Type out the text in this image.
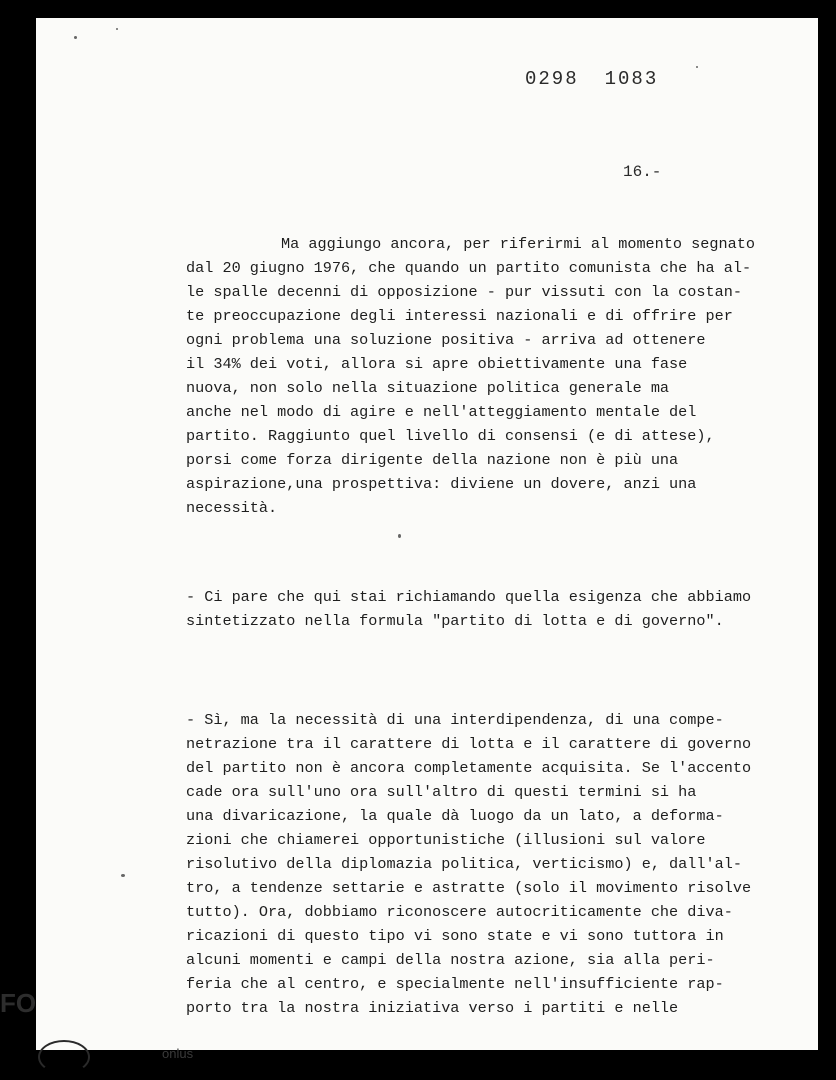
0298 1083
16.-
Ma aggiungo ancora, per riferirmi al momento segnato
dal 20 giugno 1976, che quando un partito comunista che ha al-
le spalle decenni di opposizione - pur vissuti con la costan-
te preoccupazione degli interessi nazionali e di offrire per
ogni problema una soluzione positiva - arriva ad ottenere
il 34% dei voti, allora si apre obiettivamente una fase
nuova, non solo nella situazione politica generale ma
anche nel modo di agire e nell'atteggiamento mentale del
partito. Raggiunto quel livello di consensi (e di attese),
porsi come forza dirigente della nazione non è più una
aspirazione,una prospettiva: diviene un dovere, anzi una
necessità.
- Ci pare che qui stai richiamando quella esigenza che abbiamo
sintetizzato nella formula "partito di lotta e di governo".
- Sì, ma la necessità di una interdipendenza, di una compe-
netrazione tra il carattere di lotta e il carattere di governo
del partito non è ancora completamente acquisita. Se l'accento
cade ora sull'uno ora sull'altro di questi termini si ha
una divaricazione, la quale dà luogo da un lato, a deforma-
zioni che chiamerei opportunistiche (illusioni sul valore
risolutivo della diplomazia politica, verticismo) e, dall'al-
tro, a tendenze settarie e astratte (solo il movimento risolve
tutto). Ora, dobbiamo riconoscere autocriticamente che diva-
ricazioni di questo tipo vi sono state e vi sono tuttora in
alcuni momenti e campi della nostra azione, sia alla peri-
feria che al centro, e specialmente nell'insufficiente rap-
porto tra la nostra iniziativa verso i partiti e nelle
FO
onlus
